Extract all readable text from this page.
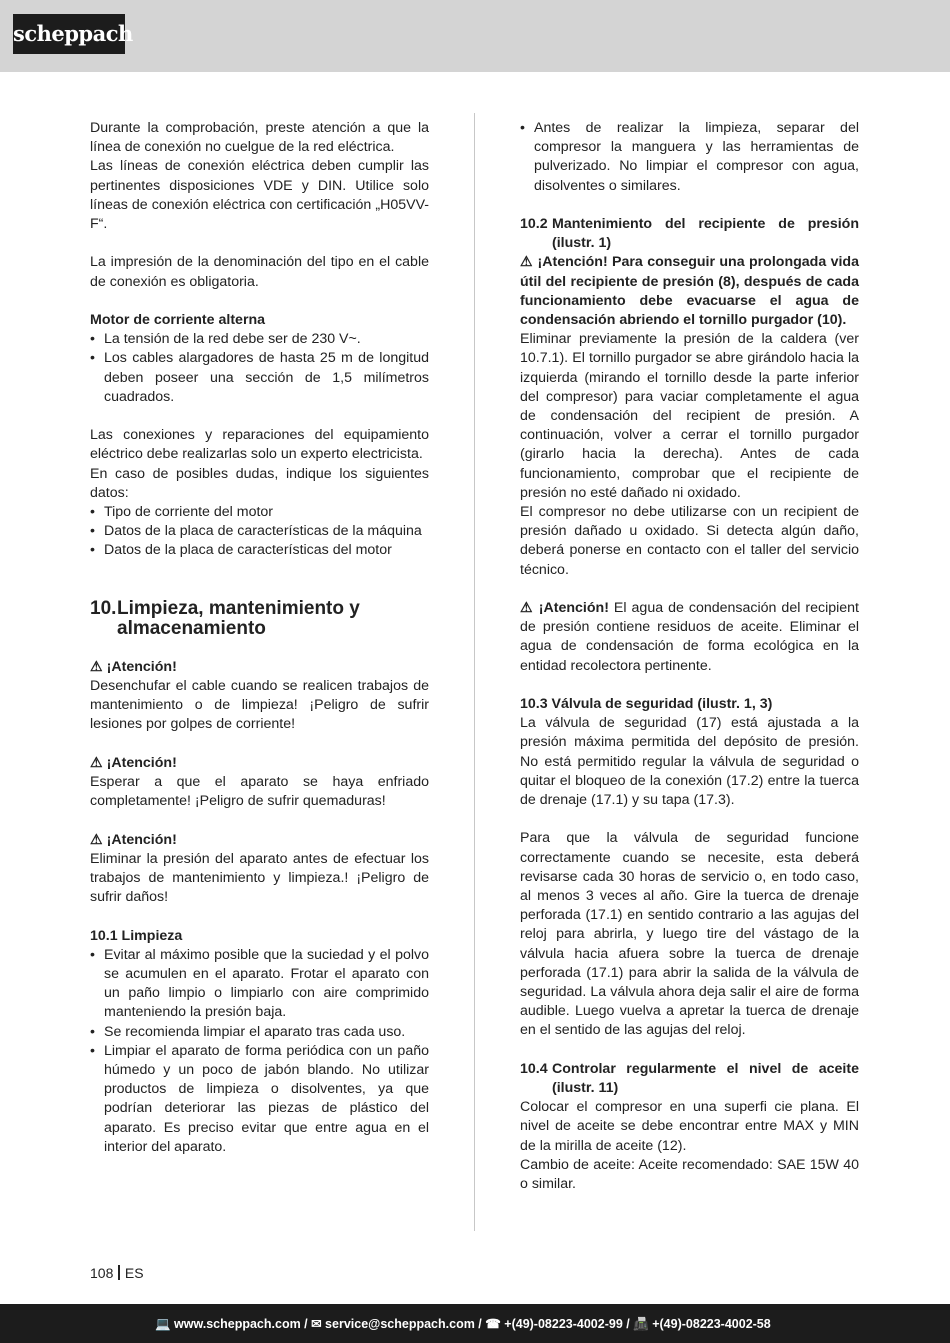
scheppach

Durante la comprobación, preste atención a que la línea de conexión no cuelgue de la red eléctrica.

Las líneas de conexión eléctrica deben cumplir las pertinentes disposiciones VDE y DIN. Utilice solo líneas de conexión eléctrica con certificación „H05VV-F“.

La impresión de la denominación del tipo en el cable de conexión es obligatoria.

Motor de corriente alterna

• La tensión de la red debe ser de 230 V~.
• Los cables alargadores de hasta 25 m de longitud deben poseer una sección de 1,5 milímetros cuadrados.

Las conexiones y reparaciones del equipamiento eléctrico debe realizarlas solo un experto electricista.

En caso de posibles dudas, indique los siguientes datos:

• Tipo de corriente del motor
• Datos de la placa de características de la máquina
• Datos de la placa de características del motor
10. Limpieza, mantenimiento y almacenamiento

⚠ ¡Atención!

Desenchufar el cable cuando se realicen trabajos de mantenimiento o de limpieza! ¡Peligro de sufrir lesiones por golpes de corriente!

⚠ ¡Atención!

Esperar a que el aparato se haya enfriado completamente! ¡Peligro de sufrir quemaduras!

⚠ ¡Atención!

Eliminar la presión del aparato antes de efectuar los trabajos de mantenimiento y limpieza.! ¡Peligro de sufrir daños!

10.1 Limpieza

• Evitar al máximo posible que la suciedad y el polvo se acumulen en el aparato. Frotar el aparato con un paño limpio o limpiarlo con aire comprimido manteniendo la presión baja.
• Se recomienda limpiar el aparato tras cada uso.
• Limpiar el aparato de forma periódica con un paño húmedo y un poco de jabón blando. No utilizar productos de limpieza o disolventes, ya que podrían deteriorar las piezas de plástico del aparato. Es preciso evitar que entre agua en el interior del aparato.
• Antes de realizar la limpieza, separar del compresor la manguera y las herramientas de pulverizado. No limpiar el compresor con agua, disolventes o similares.
10.2 Mantenimiento del recipiente de presión (ilustr. 1)

⚠ ¡Atención! Para conseguir una prolongada vida útil del recipiente de presión (8), después de cada funcionamiento debe evacuarse el agua de condensación abriendo el tornillo purgador (10).

Eliminar previamente la presión de la caldera (ver 10.7.1). El tornillo purgador se abre girándolo hacia la izquierda (mirando el tornillo desde la parte inferior del compresor) para vaciar completamente el agua de condensación del recipient de presión. A continuación, volver a cerrar el tornillo purgador (girarlo hacia la derecha). Antes de cada funcionamiento, comprobar que el recipiente de presión no esté dañado ni oxidado.

El compresor no debe utilizarse con un recipient de presión dañado u oxidado. Si detecta algún daño, deberá ponerse en contacto con el taller del servicio técnico.

⚠ ¡Atención! El agua de condensación del recipient de presión contiene residuos de aceite. Eliminar el agua de condensación de forma ecológica en la entidad recolectora pertinente.

10.3 Válvula de seguridad (ilustr. 1, 3)

La válvula de seguridad (17) está ajustada a la presión máxima permitida del depósito de presión. No está permitido regular la válvula de seguridad o quitar el bloqueo de la conexión (17.2) entre la tuerca de drenaje (17.1) y su tapa (17.3).

Para que la válvula de seguridad funcione correctamente cuando se necesite, esta deberá revisarse cada 30 horas de servicio o, en todo caso, al menos 3 veces al año. Gire la tuerca de drenaje perforada (17.1) en sentido contrario a las agujas del reloj para abrirla, y luego tire del vástago de la válvula hacia afuera sobre la tuerca de drenaje perforada (17.1) para abrir la salida de la válvula de seguridad. La válvula ahora deja salir el aire de forma audible. Luego vuelva a apretar la tuerca de drenaje en el sentido de las agujas del reloj.

10.4 Controlar regularmente el nivel de aceite (ilustr. 11)

Colocar el compresor en una superfi cie plana. El nivel de aceite se debe encontrar entre MAX y MIN de la mirilla de aceite (12).

Cambio de aceite: Aceite recomendado: SAE 15W 40 o similar.

108 ES
💻 www.scheppach.com / ✉ service@scheppach.com / ☎ +(49)-08223-4002-99 / 📠 +(49)-08223-4002-58
